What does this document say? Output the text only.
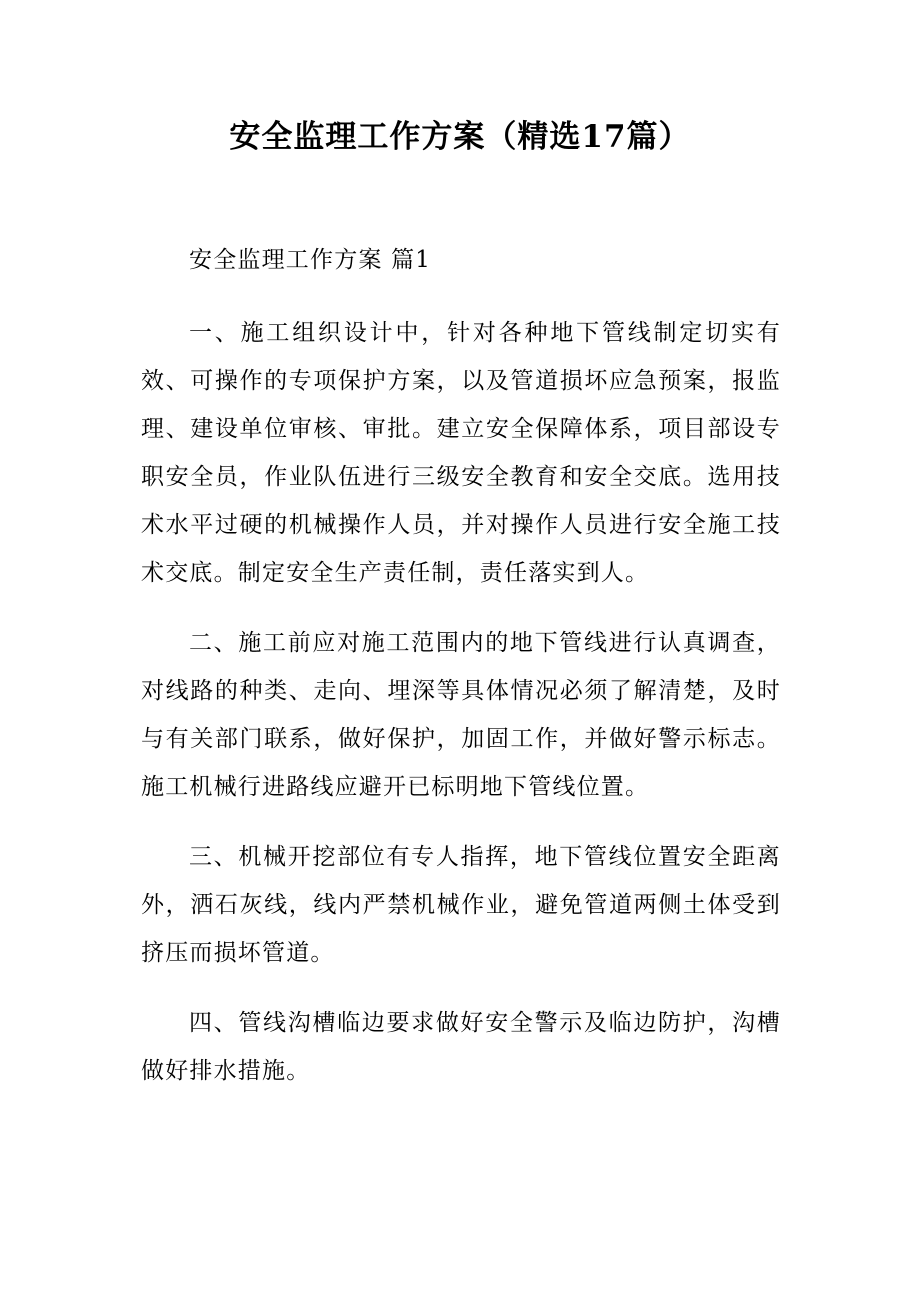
安全监理工作方案（精选17篇）

安全监理工作方案 篇1

一、施工组织设计中，针对各种地下管线制定切实有效、可操作的专项保护方案，以及管道损坏应急预案，报监理、建设单位审核、审批。建立安全保障体系，项目部设专职安全员，作业队伍进行三级安全教育和安全交底。选用技术水平过硬的机械操作人员，并对操作人员进行安全施工技术交底。制定安全生产责任制，责任落实到人。

二、施工前应对施工范围内的地下管线进行认真调查，对线路的种类、走向、埋深等具体情况必须了解清楚，及时与有关部门联系，做好保护，加固工作，并做好警示标志。施工机械行进路线应避开已标明地下管线位置。

三、机械开挖部位有专人指挥，地下管线位置安全距离外，洒石灰线，线内严禁机械作业，避免管道两侧土体受到挤压而损坏管道。

四、管线沟槽临边要求做好安全警示及临边防护，沟槽做好排水措施。
